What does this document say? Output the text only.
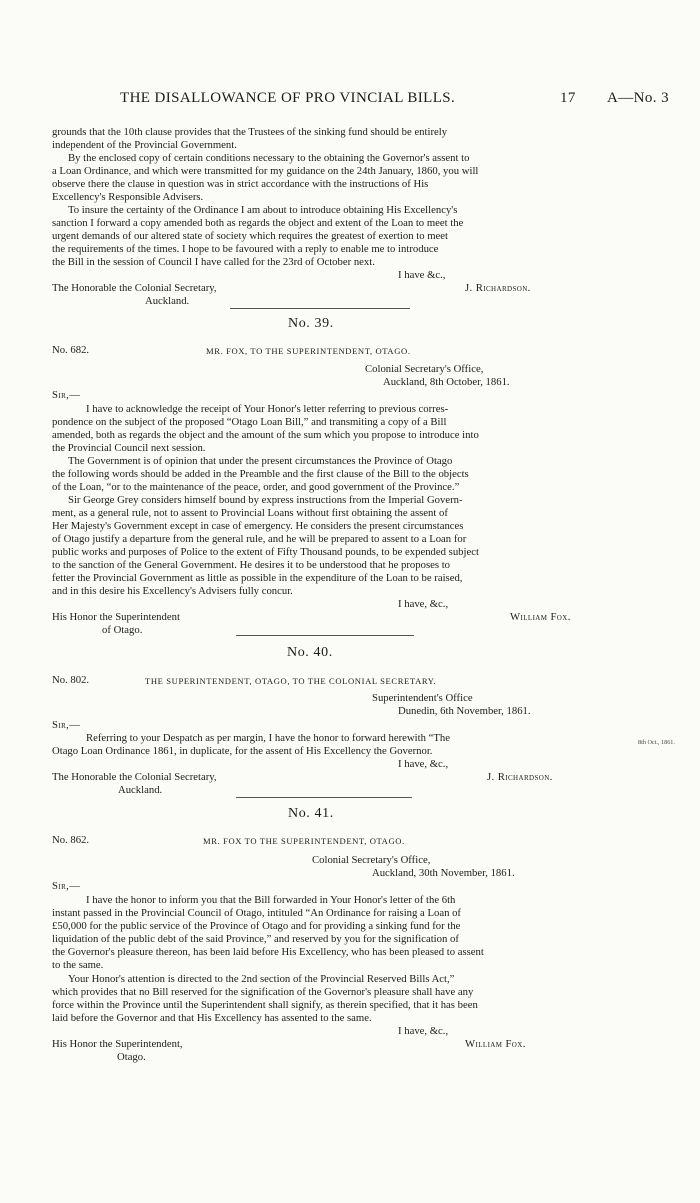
THE DISALLOWANCE OF PRO VINCIAL BILLS.	17 A—No. 3
grounds that the 10th clause provides that the Trustees of the sinking fund should be entirely
independent of the Provincial Government.
By the enclosed copy of certain conditions necessary to the obtaining the Governor's assent to
a Loan Ordinance, and which were transmitted for my guidance on the 24th January, 1860, you will
observe there the clause in question was in strict accordance with the instructions of His
Excellency's Responsible Advisers.
To insure the certainty of the Ordinance I am about to introduce obtaining His Excellency's
sanction I forward a copy amended both as regards the object and extent of the Loan to meet the
urgent demands of our altered state of society which requires the greatest of exertion to meet
the requirements of the times. I hope to be favoured with a reply to enable me to introduce
the Bill in the session of Council I have called for the 23rd of October next.
I have &c.,
The Honorable the Colonial Secretary,	J. Richardson.
Auckland.
No. 39.
No. 682.	MR. FOX, TO THE SUPERINTENDENT, OTAGO.
Colonial Secretary's Office,
Auckland, 8th October, 1861.
Sir,—
I have to acknowledge the receipt of Your Honor's letter referring to previous corres-
pondence on the subject of the proposed “Otago Loan Bill,” and transmiting a copy of a Bill
amended, both as regards the object and the amount of the sum which you propose to introduce into
the Provincial Council next session.
The Government is of opinion that under the present circumstances the Province of Otago
the following words should be added in the Preamble and the first clause of the Bill to the objects
of the Loan, “or to the maintenance of the peace, order, and good government of the Province.”
Sir George Grey considers himself bound by express instructions from the Imperial Govern-
ment, as a general rule, not to assent to Provincial Loans without first obtaining the assent of
Her Majesty's Government except in case of emergency. He considers the present circumstances
of Otago justify a departure from the general rule, and he will be prepared to assent to a Loan for
public works and purposes of Police to the extent of Fifty Thousand pounds, to be expended subject
to the sanction of the General Government. He desires it to be understood that he proposes to
fetter the Provincial Government as little as possible in the expenditure of the Loan to be raised,
and in this desire his Excellency's Advisers fully concur.
I have, &c.,
His Honor the Superintendent	William Fox.
of Otago.
No. 40.
No. 802.	THE SUPERINTENDENT, OTAGO, TO THE COLONIAL SECRETARY.
Superintendent's Office
Dunedin, 6th November, 1861.
Sir,—
Referring to your Despatch as per margin, I have the honor to forward herewith “The
Otago Loan Ordinance 1861, in duplicate, for the assent of His Excellency the Governor.
8th Oct., 1861.
I have, &c.,
The Honorable the Colonial Secretary,	J. Richardson.
Auckland.
No. 41.
No. 862.	MR. FOX TO THE SUPERINTENDENT, OTAGO.
Colonial Secretary's Office,
Auckland, 30th November, 1861.
Sir,—
I have the honor to inform you that the Bill forwarded in Your Honor's letter of the 6th
instant passed in the Provincial Council of Otago, intituled “An Ordinance for raising a Loan of
£50,000 for the public service of the Province of Otago and for providing a sinking fund for the
liquidation of the public debt of the said Province,” and reserved by you for the signification of
the Governor's pleasure thereon, has been laid before His Excellency, who has been pleased to assent
to the same.
Your Honor's attention is directed to the 2nd section of the Provincial Reserved Bills Act,”
which provides that no Bill reserved for the signification of the Governor's pleasure shall have any
force within the Province until the Superintendent shall signify, as therein specified, that it has been
laid before the Governor and that His Excellency has assented to the same.
I have, &c.,
His Honor the Superintendent,	William Fox.
Otago.
